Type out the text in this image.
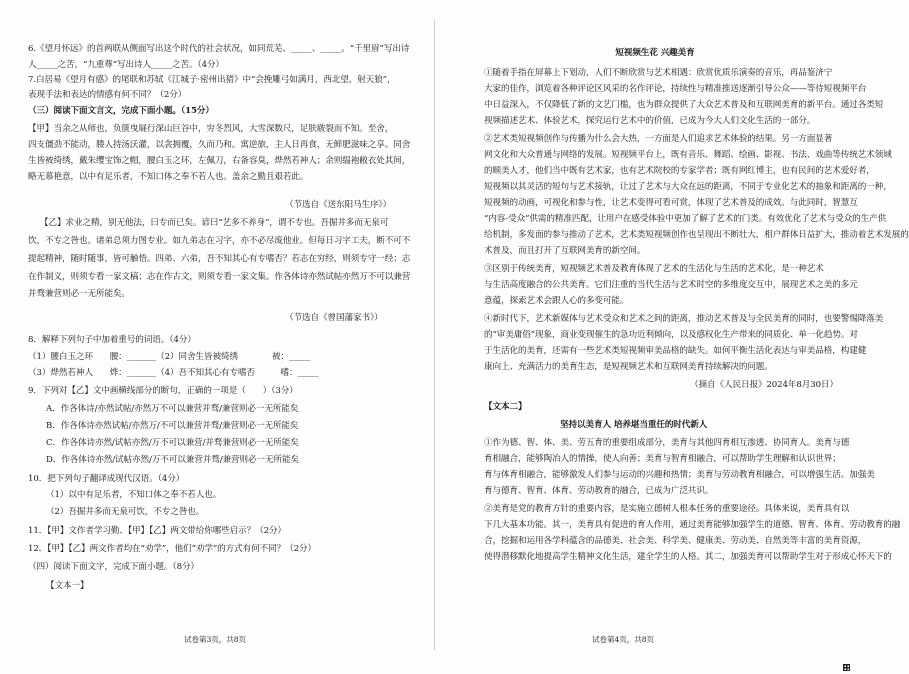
6.《望月怀远》的首两联从侧面写出这个时代的社会状况，如同荒芜、_____、_____。“千里眉”写出诗
人_____之苦，“九重尊”写出诗人_____之苦。（4分）
7.白居易《望月有感》的尾联和苏轼《江城子·密州出猎》中“会挽雕弓如满月，西北望，射天狼”，
表现手法和表达的情感有何不同？（2分）
（三）阅读下面文言文，完成下面小题。（15分）
【甲】当余之从师也，负箧曳屣行深山巨谷中，穷冬烈风，大雪深数尺，足肤皲裂而不知。至舍，
四支僵劲不能动，媵人持汤沃灌，以衾拥覆，久而乃和。寓逆旅，主人日再食，无鲜肥滋味之享。同舍
生皆被绮绣，戴朱缨宝饰之帽，腰白玉之环，左佩刀，右备容臭，烨然若神人；余则缊袍敝衣处其间，
略无慕艳意，以中有足乐者，不知口体之奉不若人也。盖余之勤且艰若此。
（节选自《送东阳马生序》）
【乙】求业之精，别无他法，曰专而已矣。谚曰“艺多不养身”，谓不专也。吾掘井多而无泉可
饮，不专之咎也。诸弟总须力图专业。如九弟志在习字，亦不必尽废他业。但每日习字工夫，断不可不
提起精神，随时随事，皆可触悟。四弟、六弟，吾不知其心有专嗜否？若志在穷经，则须专守一经；志
在作制义，则须专看一家文稿；志在作古文，则须专看一家文集。作各体诗亦然试帖亦然万不可以兼营
并骛兼营则必一无所能矣。
（节选自《曾国藩家书》）
8．解释下列句子中加着重号的词语。（4分）
（1）腰白玉之环　　腰：_______（2）同舍生皆被绮绣　　　　被：_____
（3）烨然若神人　　烨：_______（4）吾不知其心有专嗜否　　　嗜：_____
9．下列对【乙】文中画横线部分的断句，正确的一项是（　　）（3分）
A．作各体诗/亦然试帖/亦然万不可以兼营并骛/兼营则必一无所能矣
B．作各体诗亦然试帖/亦然万/不可以兼营并骛/兼营则必一无所能矣
C．作各体诗亦然/试帖亦然/万不可以兼营/并骛兼营则必一无所能矣
D．作各体诗亦然/试帖亦然/万不可以兼营并骛/兼营则必一无所能矣
10．把下列句子翻译成现代汉语。（4分）
（1）以中有足乐者，不知口体之奉不若人也。
（2）吾掘井多而无泉可饮，不专之咎也。
11．【甲】文作者学习勤、【甲】【乙】两文带给你哪些启示？（2分）
12．【甲】【乙】两文作者均在“劝学”，他们“劝学”的方式有何不同？（2分）
（四）阅读下面文字，完成下面小题。（8分）
【文本一】
试卷第3页，共8页
短视频生花 兴趣美育
①随着手指在屏幕上下划动，人们不断欣赏与艺术相遇：欣赏优质乐演奏的音乐，再品鉴济宁
大家的佳作，浏览着各种评论区风采的名作评论，持续性与精准推送逐渐引导公众——等待短视频平台
中日益深入，不仅降低了新的文艺门槛，也为群众提供了大众艺术普及和互联网美育的新平台。通过各类短
视频描述艺术、体验艺术，探究运行艺术中的价值，已成为今大人们文化生活的一部分。
②艺术类短视频创作与传播为什么会大热，一方面是人们追求艺术体验的结果。另一方面显著
网文化和大众普通与网络的发展。短视频平台上，既有音乐、舞蹈、绘画、影视、书法、戏曲等传统艺术领域
的顺美人才，他们当中既有艺术家，也有艺术院校的专家学者；既有网红博主，也有民间的艺术爱好者，
短视频以其灵活的短句与艺术接轨，让过了艺术与大众在远的距离，不同于专业化艺术的抽象和距离的一种，
短视频的动画，可视化和参与性，让艺术变得可看可赏，体现了艺术普及的成效。与此同时，智慧互
“内容-受众”供需的精准匹配，让用户在感受体验中更加了解了艺术的门类。有效优化了艺术与受众的生产供
给机制，多发面的参与推动了艺术，艺术类短视频创作也呈现出不断壮大，相户群体日益扩大，推动着艺术发展的
术普及，而且打开了互联网美育的新空间。
③区别于传统美育，短视频艺术普及教育体现了艺术的生活化与生活的艺术化，是一种艺术
与生活高度融合的公共美育。它们注重的当代生活与艺术时空的多维度交互中，展现艺术之美的多元
意蕴，探索艺术会跟人心的多变可能。
④新时代下，艺术新媒体与艺术受众和艺术之间的距离，推动艺术普及与全民美育的同时，也要警惕降落美
的“审美庸俗”现象，商业变现催生的急功近利倾向，以及感权化生产带来的同质化、单一化趋势。对
于生活化的美育，还需有一些艺术类短视频审美品格的缺失。如何平衡生活化表达与审美品格，构建健
康向上、充满活力的美育生态，是短视频艺术和互联网美育持续解决的问题。
（摘自《人民日报》2024年8月30日）
【文本二】
坚持以美育人 培养堪当重任的时代新人
①作为德、智、体、美、劳五育的重要组成部分，美育与其他四育相互渗透、协同育人。美育与德
育相融合，能够陶冶人的情操，使人向善；美育与智育相融合，可以帮助学生理解和认识世界；
育与体育相融合，能够激发人们参与运动的兴趣和热情；美育与劳动教育相融合，可以增强生活。加强美
育与德育、智育、体育、劳动教育的融合，已成为广泛共识。
②美育是党的教育方针的重要内容，是实施立德树人根本任务的重要途径。具体来说，美育具有以
下几大基本功能。其一，美育具有促进的育人作用，通过美育能够加强学生的道德、智育、体育、劳动教育的融
合，挖掘和运用各学科蕴含的品德美、社会美、科学美、健康美、劳动美、自然美等丰富的美育资源，
使得潜移默化地提高学生精神文化生活，建全学生的人格。其二，加强美育可以帮助学生对于形成心怀天下的
试卷第4页，共8页
